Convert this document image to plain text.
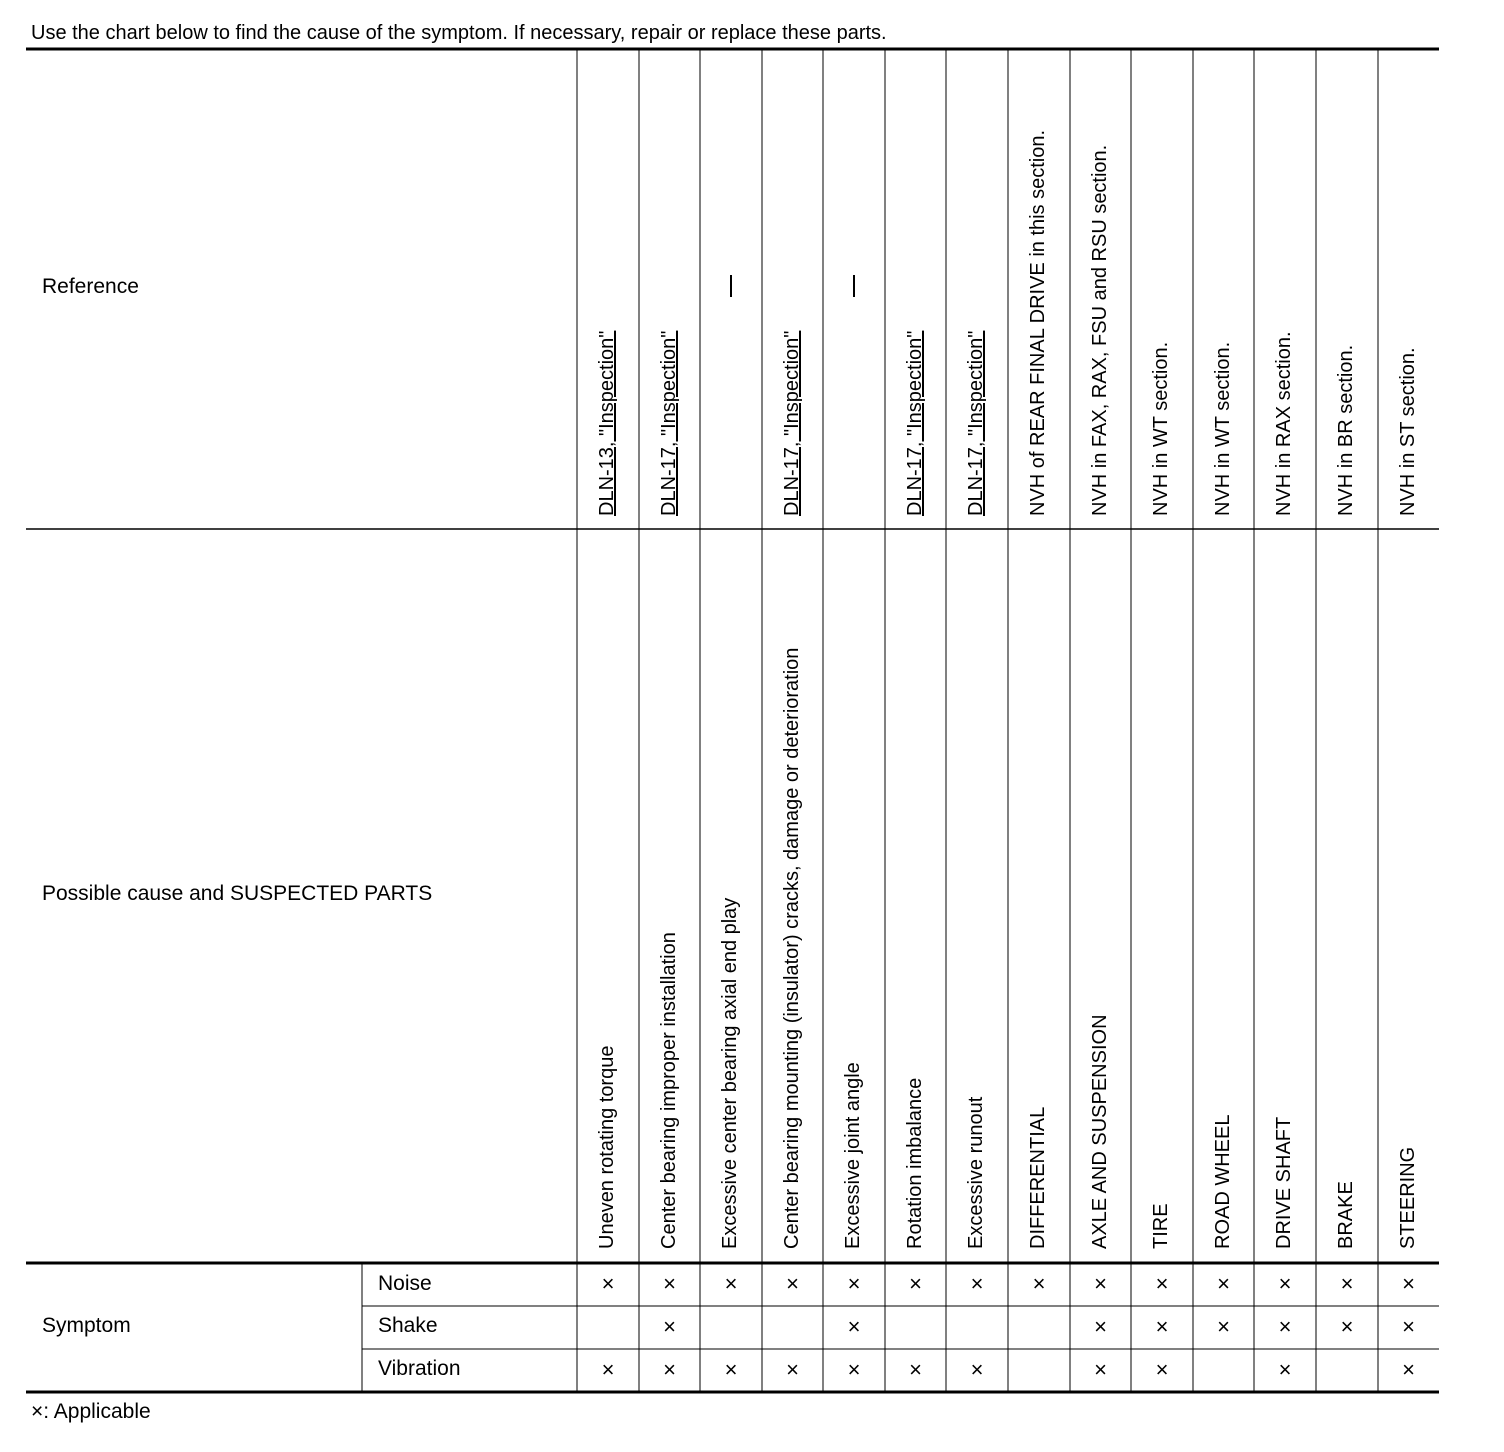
Use the chart below to find the cause of the symptom. If necessary, repair or replace these parts.
Reference
Possible cause and SUSPECTED PARTS
Symptom
Noise
Shake
Vibration
DLN-13, "Inspection"
Uneven rotating torque
×
×
DLN-17, "Inspection"
Center bearing improper installation
×
×
×
Excessive center bearing axial end play
×
×
DLN-17, "Inspection"
Center bearing mounting (insulator) cracks, damage or deterioration
×
×
Excessive joint angle
×
×
×
DLN-17, "Inspection"
Rotation imbalance
×
×
DLN-17, "Inspection"
Excessive runout
×
×
NVH of REAR FINAL DRIVE in this section.
DIFFERENTIAL
×
NVH in FAX, RAX, FSU and RSU section.
AXLE AND SUSPENSION
×
×
×
NVH in WT section.
TIRE
×
×
×
NVH in WT section.
ROAD WHEEL
×
×
NVH in RAX section.
DRIVE SHAFT
×
×
×
NVH in BR section.
BRAKE
×
×
NVH in ST section.
STEERING
×
×
×
×: Applicable
